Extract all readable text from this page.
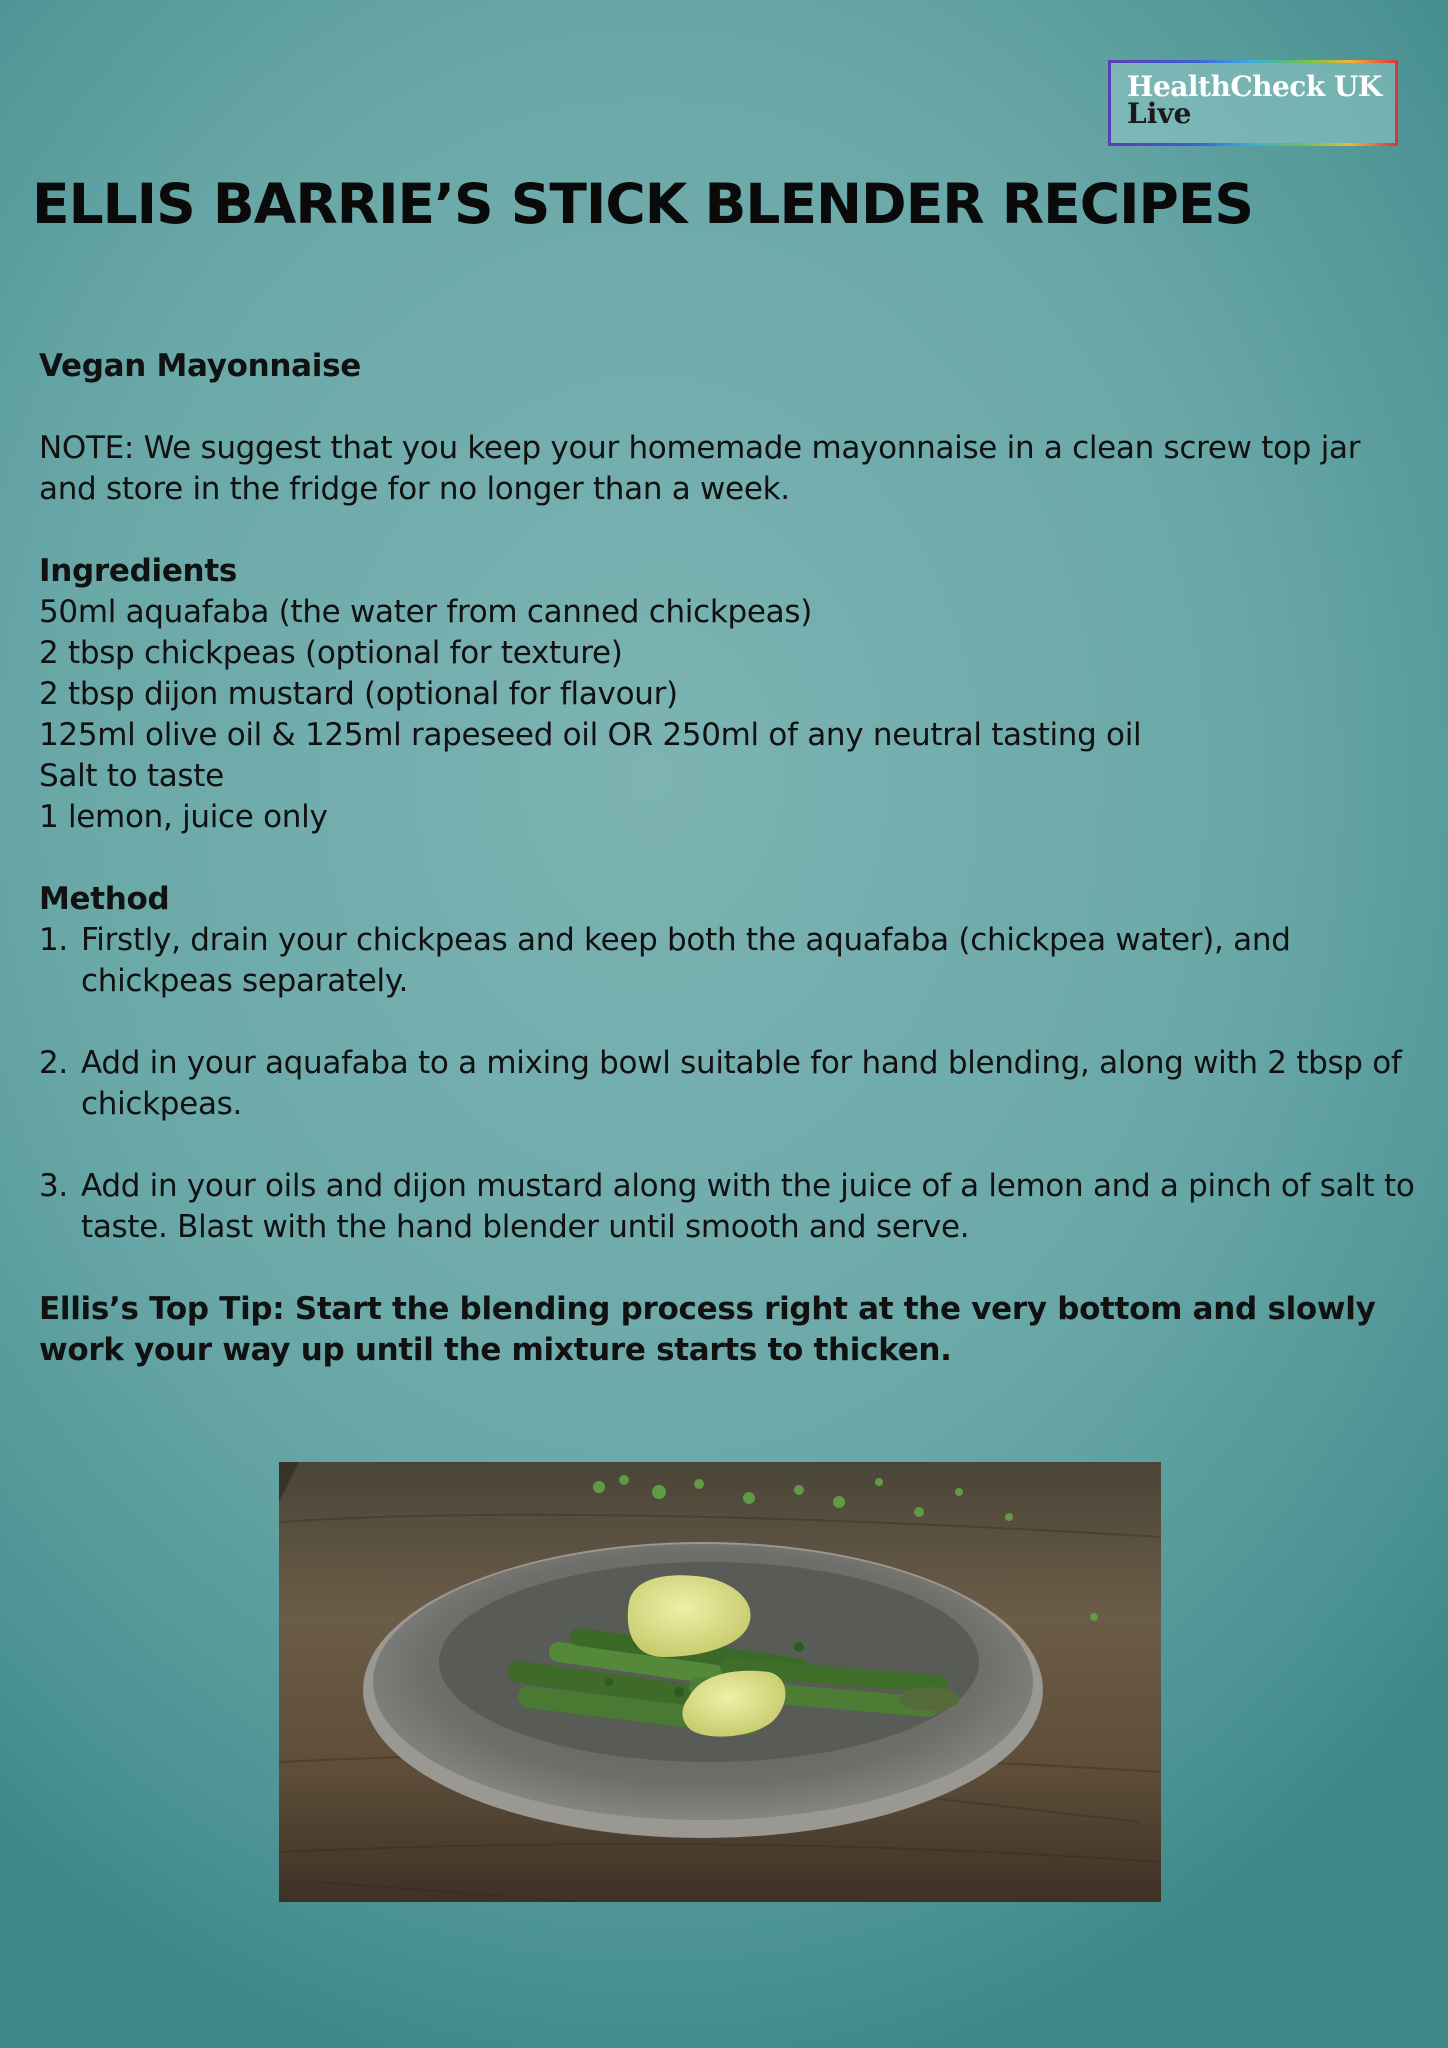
HealthCheck UK
Live
ELLIS BARRIE’S STICK BLENDER RECIPES

Vegan Mayonnaise

NOTE: We suggest that you keep your homemade mayonnaise in a clean screw top jar and store in the fridge for no longer than a week.

Ingredients

50ml aquafaba (the water from canned chickpeas)

2 tbsp chickpeas (optional for texture)

2 tbsp dijon mustard (optional for flavour)

125ml olive oil & 125ml rapeseed oil OR 250ml of any neutral tasting oil

Salt to taste

1 lemon, juice only

Method

1. Firstly, drain your chickpeas and keep both the aquafaba (chickpea water), and chickpeas separately.
2. Add in your aquafaba to a mixing bowl suitable for hand blending, along with 2 tbsp of chickpeas.
3. Add in your oils and dijon mustard along with the juice of a lemon and a pinch of salt to taste. Blast with the hand blender until smooth and serve.

Ellis’s Top Tip: Start the blending process right at the very bottom and slowly work your way up until the mixture starts to thicken.
